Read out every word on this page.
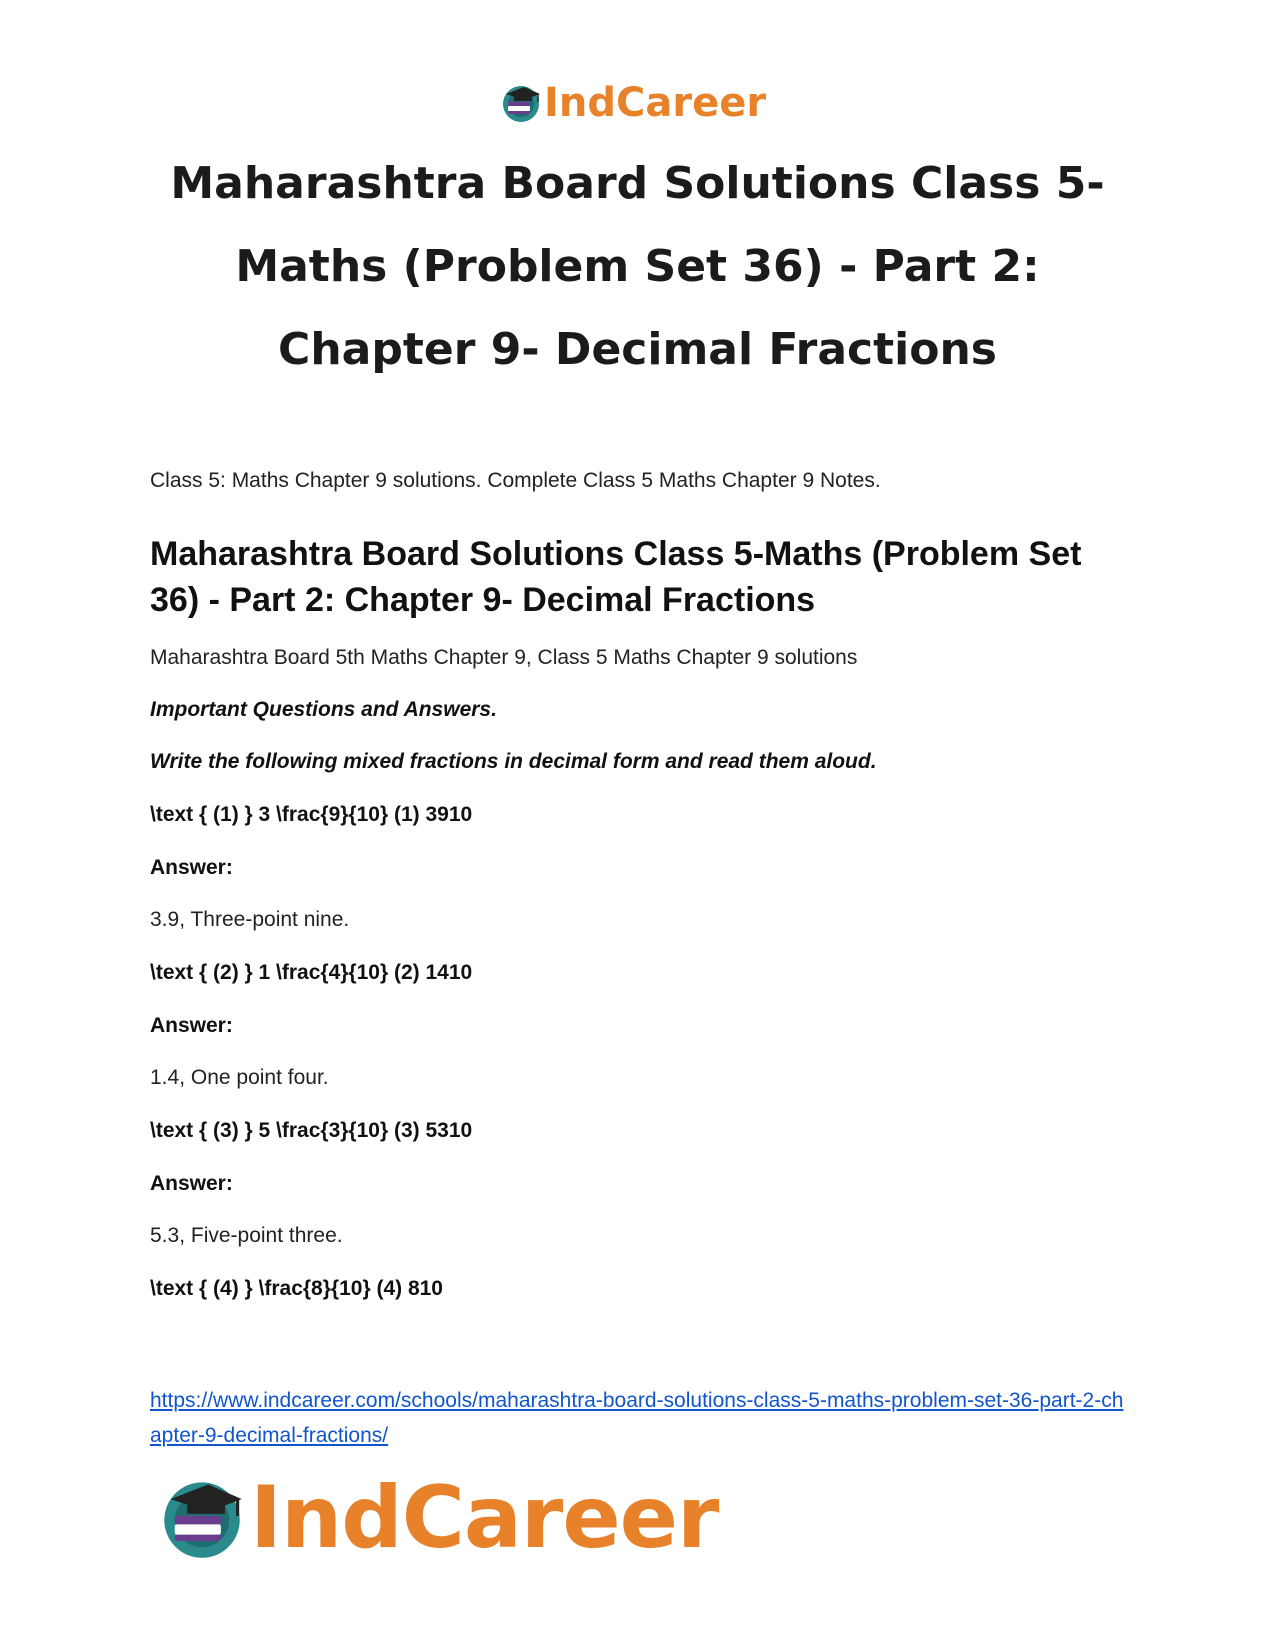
IndCareer
Maharashtra Board Solutions Class 5-Maths (Problem Set 36) - Part 2: Chapter 9- Decimal Fractions

Class 5: Maths Chapter 9 solutions. Complete Class 5 Maths Chapter 9 Notes.

Maharashtra Board Solutions Class 5-Maths (Problem Set 36) - Part 2: Chapter 9- Decimal Fractions

Maharashtra Board 5th Maths Chapter 9, Class 5 Maths Chapter 9 solutions

Important Questions and Answers.

Write the following mixed fractions in decimal form and read them aloud.

\text { (1) } 3 \frac{9}{10} (1) 3910

Answer:

3.9, Three-point nine.

\text { (2) } 1 \frac{4}{10} (2) 1410

Answer:

1.4, One point four.

\text { (3) } 5 \frac{3}{10} (3) 5310

Answer:

5.3, Five-point three.

\text { (4) } \frac{8}{10} (4) 810

https://www.indcareer.com/schools/maharashtra-board-solutions-class-5-maths-problem-set-36-part-2-chapter-9-decimal-fractions/
IndCareer
